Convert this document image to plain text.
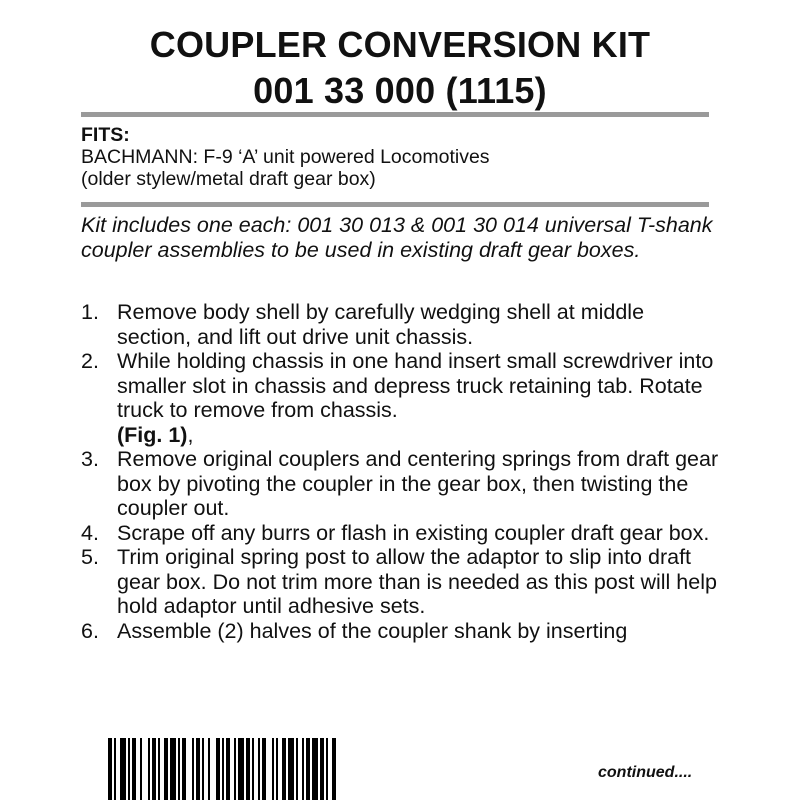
COUPLER CONVERSION KIT
001 33 000 (1115)
FITS:
BACHMANN: F-9 ‘A’ unit powered Locomotives
(older stylew/metal draft gear box)
Kit includes one each: 001 30 013 & 001 30 014 universal T-shank coupler assemblies to be used in existing draft gear boxes.
1. Remove body shell by carefully wedging shell at middle section, and lift out drive unit chassis.
2. While holding chassis in one hand insert small screwdriver into smaller slot in chassis and depress truck retaining tab. Rotate truck to remove from chassis.
(Fig. 1),
3. Remove original couplers and centering springs from draft gear box by pivoting the coupler in the gear box, then twisting the coupler out.
4. Scrape off any burrs or flash in existing coupler draft gear box.
5. Trim original spring post to allow the adaptor to slip into draft gear box. Do not trim more than is needed as this post will help hold adaptor until adhesive sets.
6. Assemble (2) halves of the coupler shank by inserting
continued....
